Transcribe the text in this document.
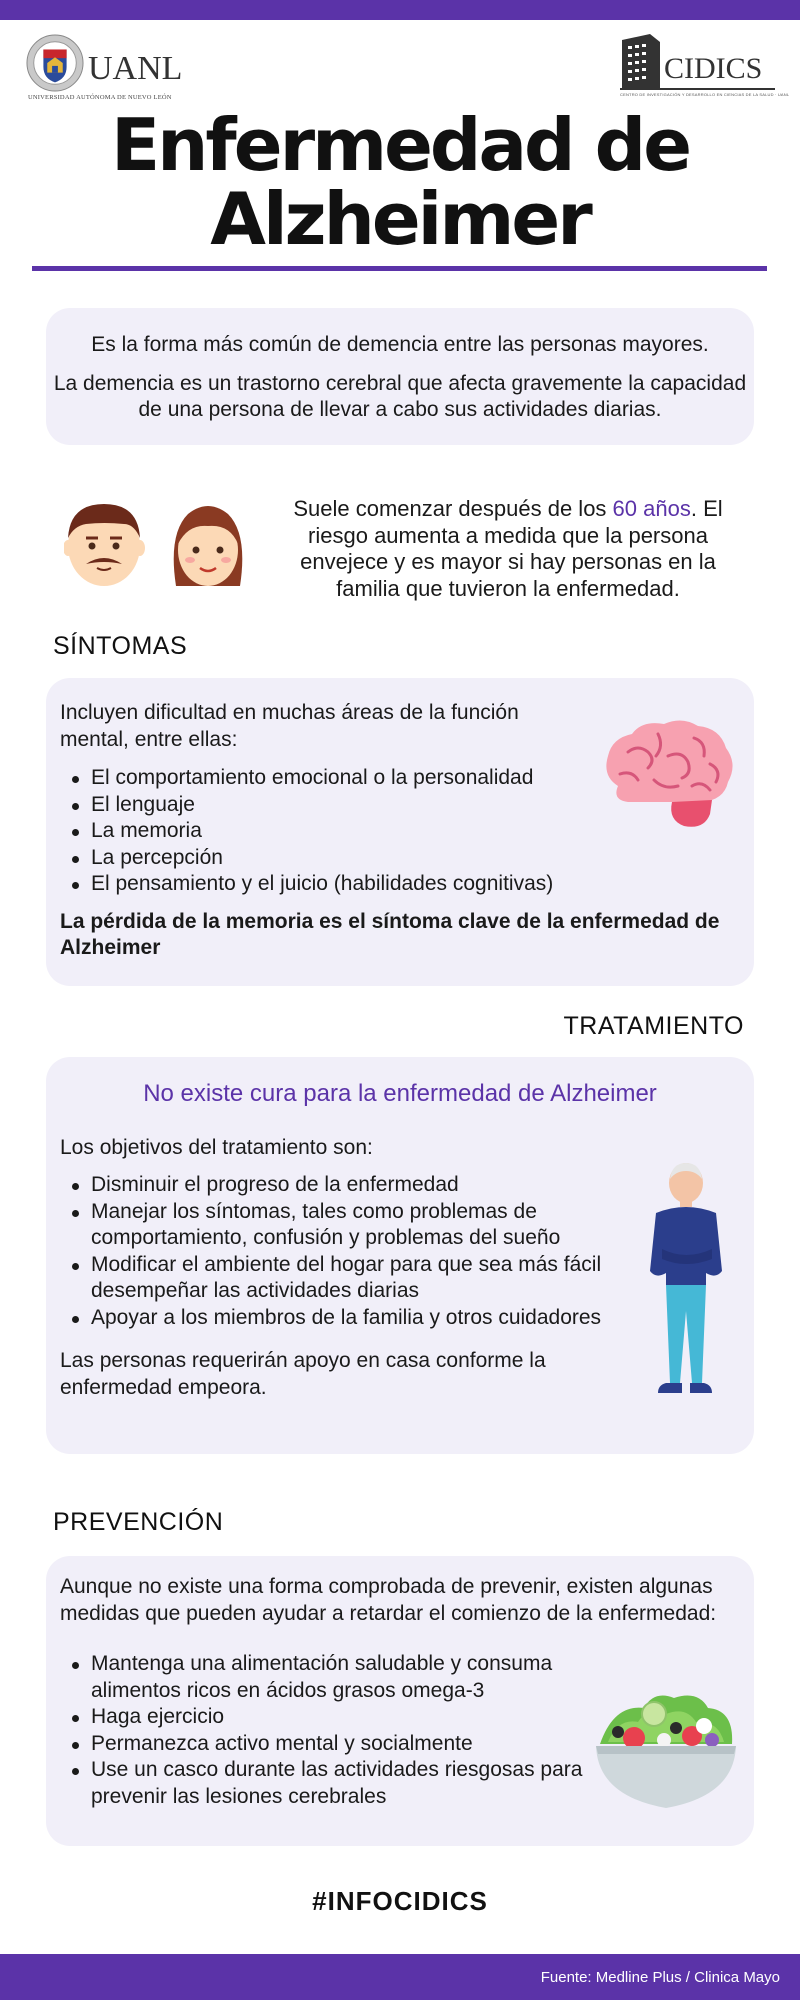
UANL
UNIVERSIDAD AUTÓNOMA DE NUEVO LEÓN
CIDICS
CENTRO DE INVESTIGACIÓN Y DESARROLLO EN CIENCIAS DE LA SALUD · UANL
Enfermedad de
Alzheimer

Es la forma más común de demencia entre las personas mayores.

La demencia es un trastorno cerebral que afecta gravemente la capacidad de una persona de llevar a cabo sus actividades diarias.

Suele comenzar después de los 60 años. El riesgo aumenta a medida que la persona envejece y es mayor si hay personas en la familia que tuvieron la enfermedad.

SÍNTOMAS

Incluyen dificultad en muchas áreas de la función mental, entre ellas:

El comportamiento emocional o la personalidad
El lenguaje
La memoria
La percepción
El pensamiento y el juicio (habilidades cognitivas)

La pérdida de la memoria es el síntoma clave de la enfermedad de Alzheimer

TRATAMIENTO

No existe cura para la enfermedad de Alzheimer

Los objetivos del tratamiento son:

Disminuir el progreso de la enfermedad
Manejar los síntomas, tales como problemas de comportamiento, confusión y problemas del sueño
Modificar el ambiente del hogar para que sea más fácil desempeñar las actividades diarias
Apoyar a los miembros de la familia y otros cuidadores

Las personas requerirán apoyo en casa conforme la enfermedad empeora.

PREVENCIÓN

Aunque no existe una forma comprobada de prevenir, existen algunas medidas que pueden ayudar a retardar el comienzo de la enfermedad:

Mantenga una alimentación saludable y consuma alimentos ricos en ácidos grasos omega-3
Haga ejercicio
Permanezca activo mental y socialmente
Use un casco durante las actividades riesgosas para prevenir las lesiones cerebrales
#INFOCIDICS
Fuente: Medline Plus / Clinica Mayo
